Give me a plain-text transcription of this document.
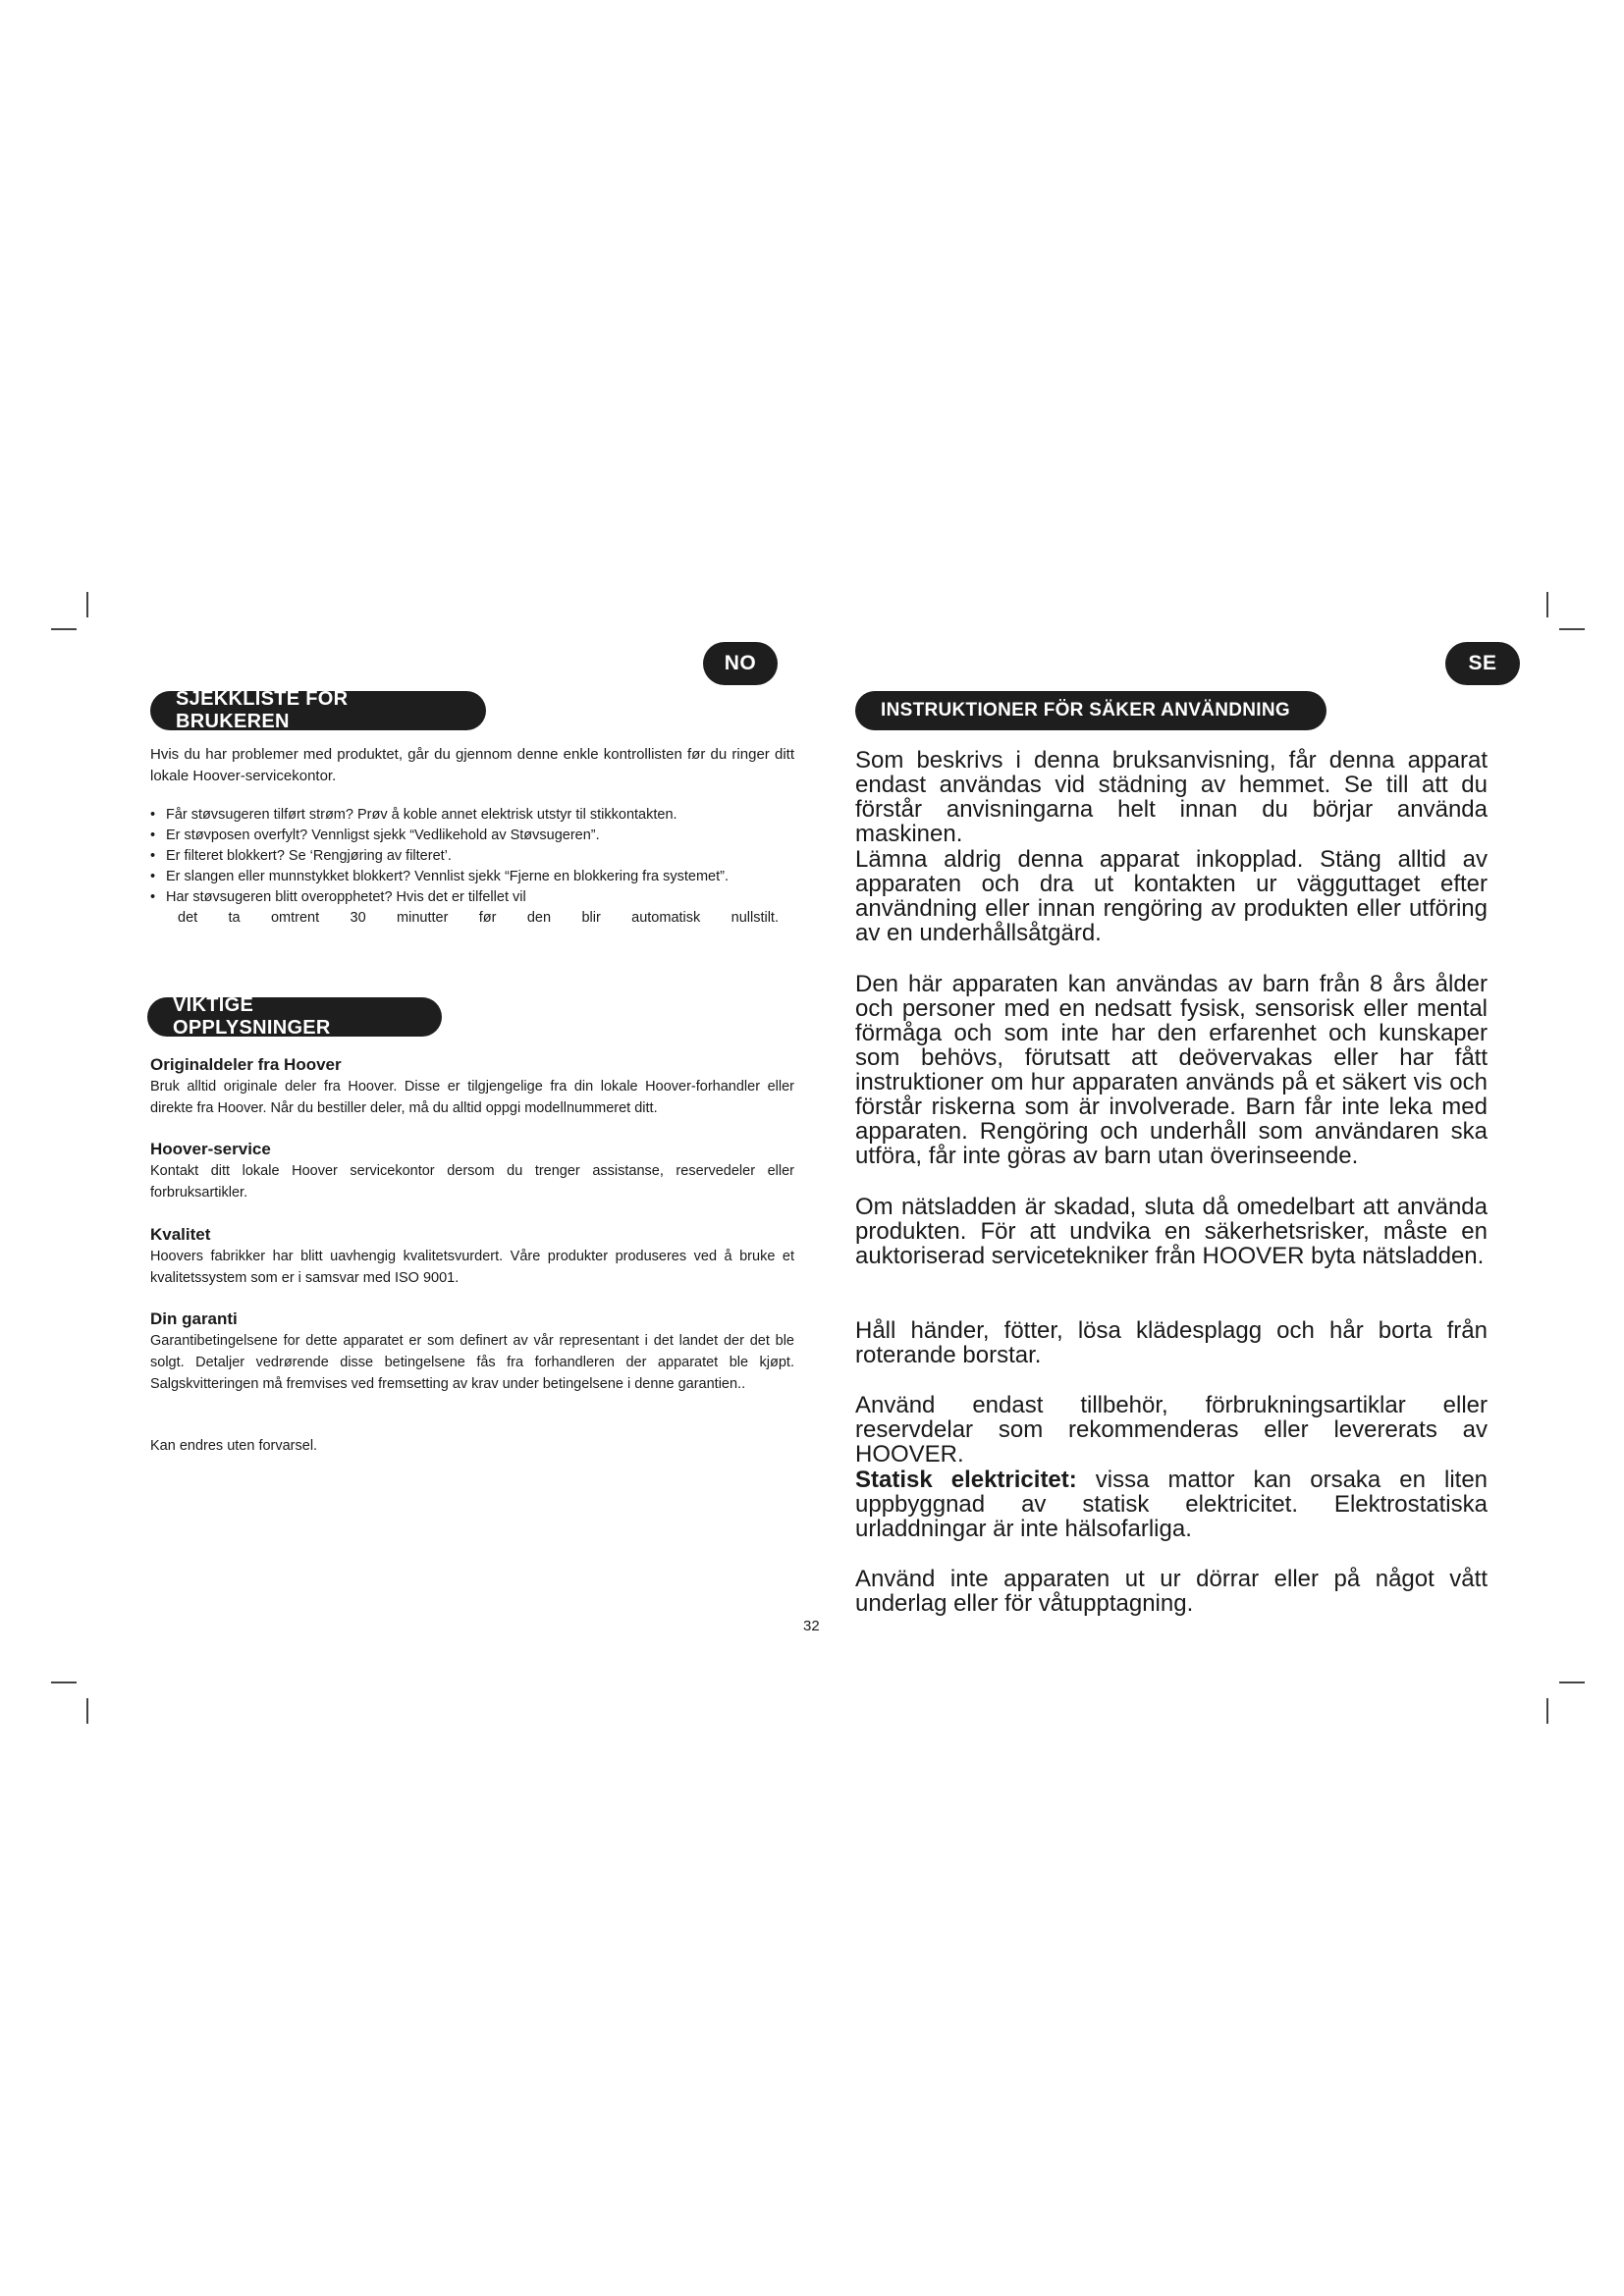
NO
SJEKKLISTE FOR BRUKEREN

Hvis du har problemer med produktet, går du gjennom denne enkle kontrollisten før du ringer ditt lokale Hoover-servicekontor.

• Får støvsugeren tilført strøm? Prøv å koble annet elektrisk utstyr til stikkontakten.
• Er støvposen overfylt? Vennligst sjekk “Vedlikehold av Støvsugeren”.
• Er filteret blokkert? Se ‘Rengjøring av filteret’.
• Er slangen eller munnstykket blokkert? Vennlist sjekk “Fjerne en blokkering fra systemet”.
• Har støvsugeren blitt overopphetet? Hvis det er tilfellet vil
det ta omtrent 30 minutter før den blir automatisk nullstilt.
VIKTIGE OPPLYSNINGER

Originaldeler fra Hoover

Bruk alltid originale deler fra Hoover. Disse er tilgjengelige fra din lokale Hoover-forhandler eller direkte fra Hoover. Når du bestiller deler, må du alltid oppgi modellnummeret ditt.

Hoover-service

Kontakt ditt lokale Hoover servicekontor dersom du trenger assistanse, reservedeler eller forbruksartikler.

Kvalitet

Hoovers fabrikker har blitt uavhengig kvalitetsvurdert. Våre produkter produseres ved å bruke et kvalitetssystem som er i samsvar med ISO 9001.

Din garanti

Garantibetingelsene for dette apparatet er som definert av vår representant i det landet der det ble solgt. Detaljer vedrørende disse betingelsene fås fra forhandleren der apparatet ble kjøpt. Salgskvitteringen må fremvises ved fremsetting av krav under betingelsene i denne garantien..

Kan endres uten forvarsel.

SE
INSTRUKTIONER FÖR SÄKER ANVÄNDNING

Som beskrivs i denna bruksanvisning, får denna apparat endast användas vid städning av hemmet. Se till att du förstår anvisningarna helt innan du börjar använda maskinen.

Lämna aldrig denna apparat inkopplad. Stäng alltid av apparaten och dra ut kontakten ur vägguttaget efter användning eller innan rengöring av produkten eller utföring av en underhållsåtgärd.

Den här apparaten kan användas av barn från 8 års ålder och personer med en nedsatt fysisk, sensorisk eller mental förmåga och som inte har den erfarenhet och kunskaper som behövs, förutsatt att deövervakas eller har fått instruktioner om hur apparaten används på et säkert vis och förstår riskerna som är involverade. Barn får inte leka med apparaten. Rengöring och underhåll som användaren ska utföra, får inte göras av barn utan överinseende.

Om nätsladden är skadad, sluta då omedelbart att använda produkten. För att undvika en säkerhetsrisker, måste en auktoriserad servicetekniker från HOOVER byta nätsladden.

Håll händer, fötter, lösa klädesplagg och hår borta från roterande borstar.

Använd endast tillbehör, förbrukningsartiklar eller reservdelar som rekommenderas eller levererats av HOOVER.

Statisk elektricitet: vissa mattor kan orsaka en liten uppbyggnad av statisk elektricitet. Elektrostatiska urladdningar är inte hälsofarliga.

Använd inte apparaten ut ur dörrar eller på något vått underlag eller för våtupptagning.

32
